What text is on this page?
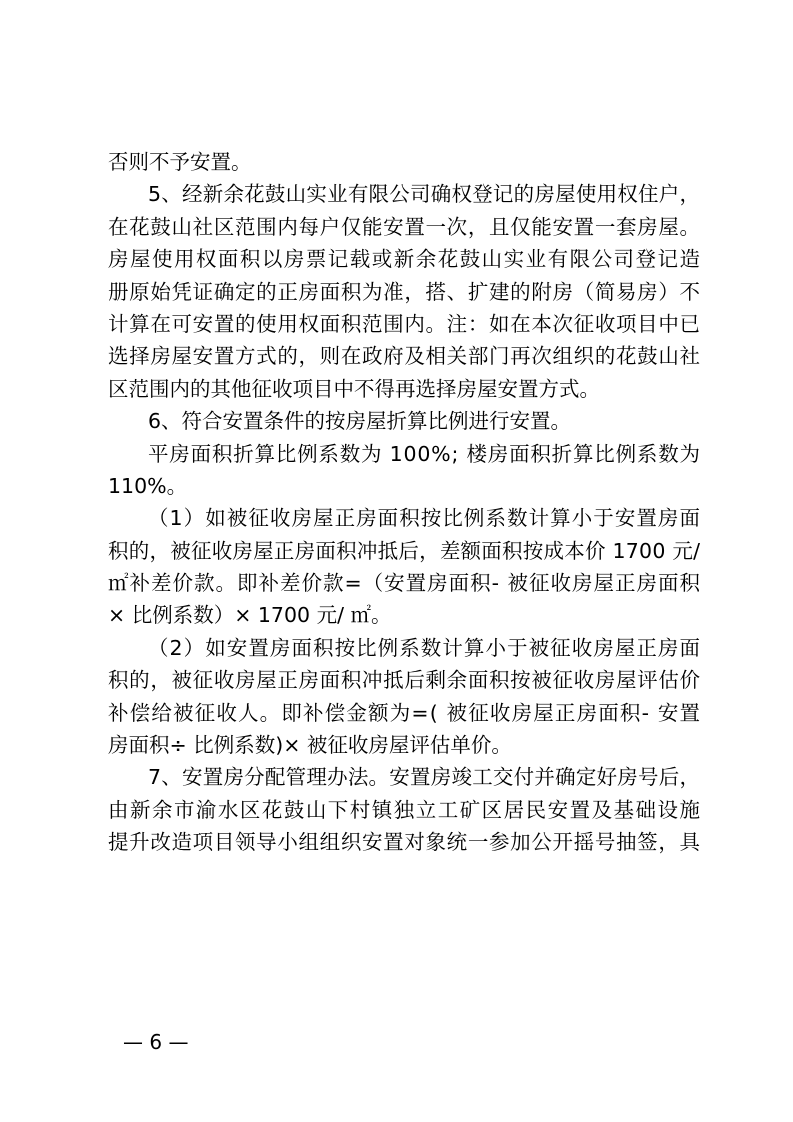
否则不予安置。
5、经新余花鼓山实业有限公司确权登记的房屋使用权住户，
在花鼓山社区范围内每户仅能安置一次，且仅能安置一套房屋。
房屋使用权面积以房票记载或新余花鼓山实业有限公司登记造
册原始凭证确定的正房面积为准，搭、扩建的附房（简易房）不
计算在可安置的使用权面积范围内。注：如在本次征收项目中已
选择房屋安置方式的，则在政府及相关部门再次组织的花鼓山社
区范围内的其他征收项目中不得再选择房屋安置方式。
6、符合安置条件的按房屋折算比例进行安置。
平房面积折算比例系数为 100%; 楼房面积折算比例系数为
110%。
（1）如被征收房屋正房面积按比例系数计算小于安置房面
积的，被征收房屋正房面积冲抵后，差额面积按成本价 1700 元/
㎡补差价款。即补差价款=（安置房面积- 被征收房屋正房面积
× 比例系数）× 1700 元/ ㎡。
（2）如安置房面积按比例系数计算小于被征收房屋正房面
积的，被征收房屋正房面积冲抵后剩余面积按被征收房屋评估价
补偿给被征收人。即补偿金额为=( 被征收房屋正房面积- 安置
房面积÷ 比例系数)× 被征收房屋评估单价。
7、安置房分配管理办法。安置房竣工交付并确定好房号后，
由新余市渝水区花鼓山下村镇独立工矿区居民安置及基础设施
提升改造项目领导小组组织安置对象统一参加公开摇号抽签，具
— 6 —
